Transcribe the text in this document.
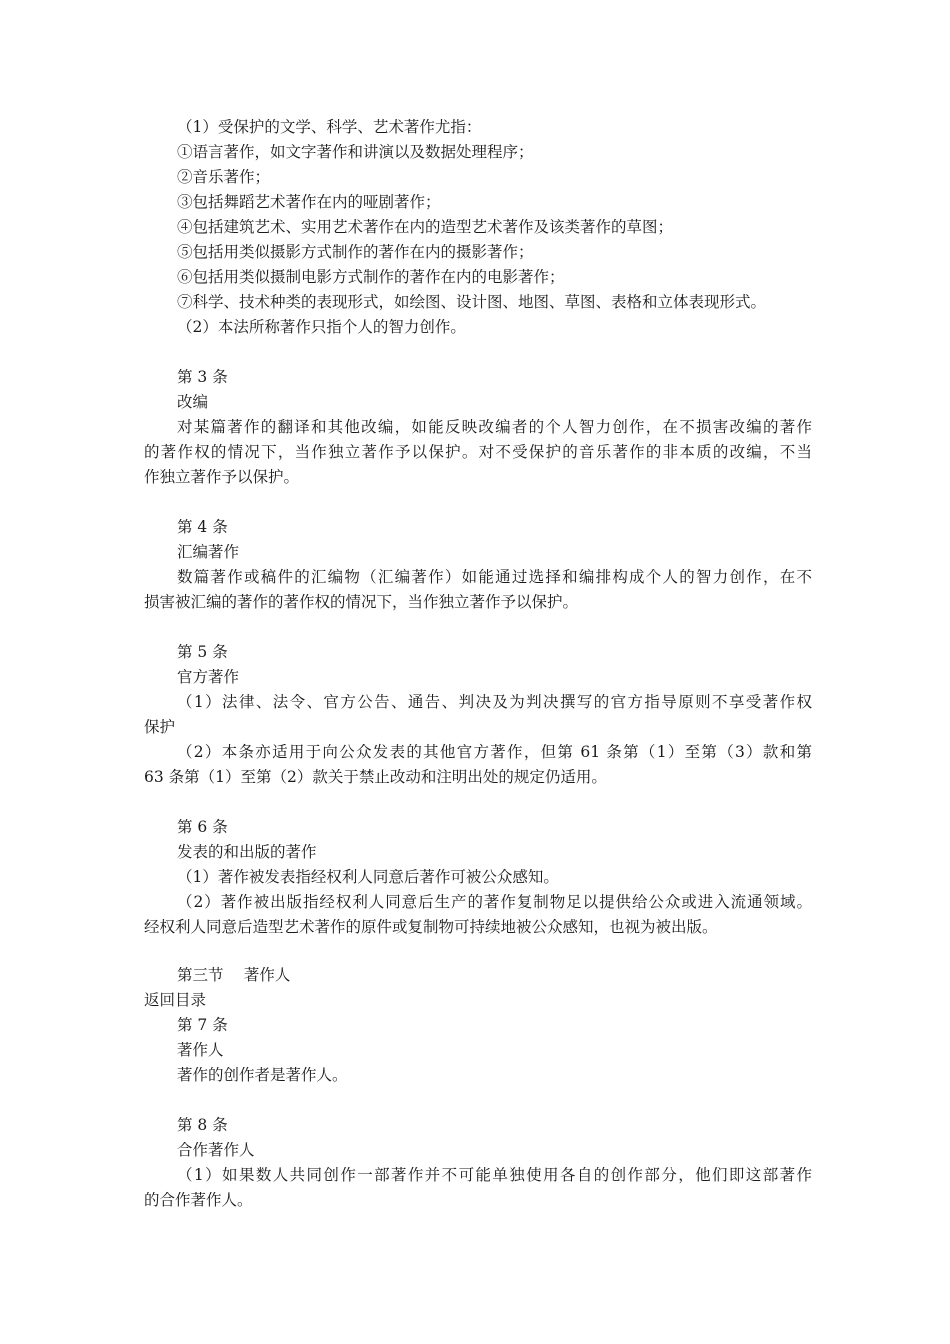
（1）受保护的文学、科学、艺术著作尤指：
①语言著作，如文字著作和讲演以及数据处理程序；
②音乐著作；
③包括舞蹈艺术著作在内的哑剧著作；
④包括建筑艺术、实用艺术著作在内的造型艺术著作及该类著作的草图；
⑤包括用类似摄影方式制作的著作在内的摄影著作；
⑥包括用类似摄制电影方式制作的著作在内的电影著作；
⑦科学、技术种类的表现形式，如绘图、设计图、地图、草图、表格和立体表现形式。
（2）本法所称著作只指个人的智力创作。
第 3 条
改编
对某篇著作的翻译和其他改编，如能反映改编者的个人智力创作，在不损害改编的著作
的著作权的情况下，当作独立著作予以保护。对不受保护的音乐著作的非本质的改编，不当
作独立著作予以保护。
第 4 条
汇编著作
数篇著作或稿件的汇编物（汇编著作）如能通过选择和编排构成个人的智力创作，在不
损害被汇编的著作的著作权的情况下，当作独立著作予以保护。
第 5 条
官方著作
（1）法律、法令、官方公告、通告、判决及为判决撰写的官方指导原则不享受著作权
保护
（2）本条亦适用于向公众发表的其他官方著作，但第 61 条第（1）至第（3）款和第
63 条第（1）至第（2）款关于禁止改动和注明出处的规定仍适用。
第 6 条
发表的和出版的著作
（1）著作被发表指经权利人同意后著作可被公众感知。
（2）著作被出版指经权利人同意后生产的著作复制物足以提供给公众或进入流通领域。
经权利人同意后造型艺术著作的原件或复制物可持续地被公众感知，也视为被出版。
第三节　 著作人
返回目录
第 7 条
著作人
著作的创作者是著作人。
第 8 条
合作著作人
（1）如果数人共同创作一部著作并不可能单独使用各自的创作部分，他们即这部著作
的合作著作人。
